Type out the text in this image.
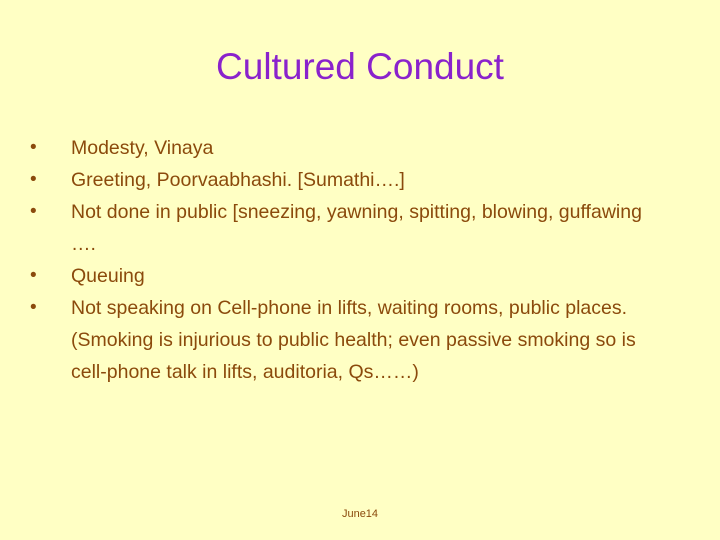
Cultured Conduct
•	Modesty, Vinaya
•	Greeting, Poorvaabhashi. [Sumathi….]
•	Not done in public [sneezing, yawning, spitting, blowing, guffawing ….
•	Queuing
•	Not speaking on Cell-phone in lifts, waiting rooms, public places. (Smoking is injurious to public health; even passive smoking so is cell-phone talk in lifts, auditoria, Qs……)
June14
